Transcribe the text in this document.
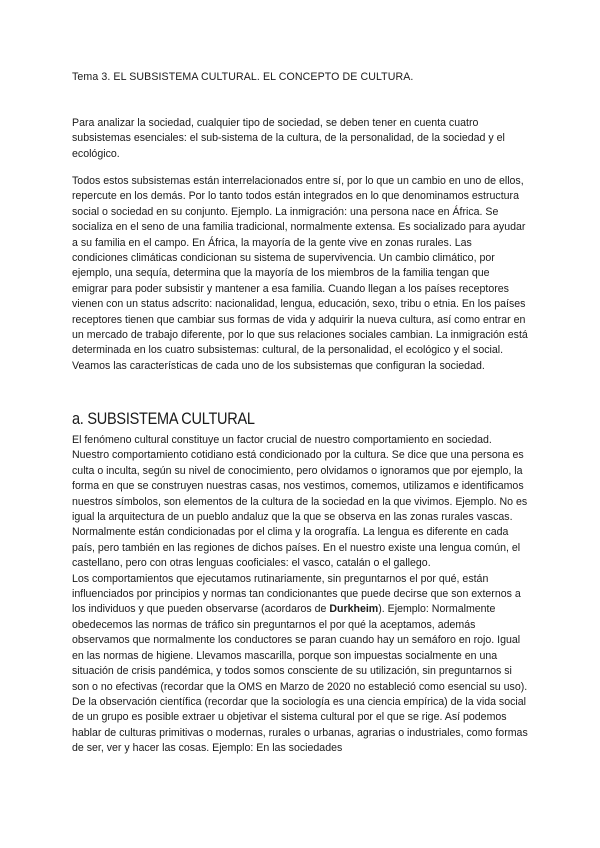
Tema 3. EL SUBSISTEMA CULTURAL. EL CONCEPTO DE CULTURA.

Para analizar la sociedad, cualquier tipo de sociedad, se deben tener en cuenta cuatro subsistemas esenciales: el sub-sistema de la cultura, de la personalidad, de la sociedad y el ecológico.

Todos estos subsistemas están interrelacionados entre sí, por lo que un cambio en uno de ellos, repercute en los demás. Por lo tanto todos están integrados en lo que denominamos estructura social o sociedad en su conjunto. Ejemplo. La inmigración: una persona nace en África. Se socializa en el seno de una familia tradicional, normalmente extensa. Es socializado para ayudar a su familia en el campo. En África, la mayoría de la gente vive en zonas rurales. Las condiciones climáticas condicionan su sistema de supervivencia. Un cambio climático, por ejemplo, una sequía, determina que la mayoría de los miembros de la familia tengan que emigrar para poder subsistir y mantener a esa familia. Cuando llegan a los países receptores vienen con un status adscrito: nacionalidad, lengua, educación, sexo, tribu o etnia. En los países receptores tienen que cambiar sus formas de vida y adquirir la nueva cultura, así como entrar en un mercado de trabajo diferente, por lo que sus relaciones sociales cambian. La inmigración está determinada en los cuatro subsistemas: cultural, de la personalidad, el ecológico y el social. Veamos las características de cada uno de los subsistemas que configuran la sociedad.

a. SUBSISTEMA CULTURAL
El fenómeno cultural constituye un factor crucial de nuestro comportamiento en sociedad. Nuestro comportamiento cotidiano está condicionado por la cultura. Se dice que una persona es culta o inculta, según su nivel de conocimiento, pero olvidamos o ignoramos que por ejemplo, la forma en que se construyen nuestras casas, nos vestimos, comemos, utilizamos e identificamos nuestros símbolos, son elementos de la cultura de la sociedad en la que vivimos. Ejemplo. No es igual la arquitectura de un pueblo andaluz que la que se observa en las zonas rurales vascas. Normalmente están condicionadas por el clima y la orografía. La lengua es diferente en cada país, pero también en las regiones de dichos países. En el nuestro existe una lengua común, el castellano, pero con otras lenguas cooficiales: el vasco, catalán o el gallego.
Los comportamientos que ejecutamos rutinariamente, sin preguntarnos el por qué, están influenciados por principios y normas tan condicionantes que puede decirse que son externos a los individuos y que pueden observarse (acordaros de Durkheim). Ejemplo: Normalmente obedecemos las normas de tráfico sin preguntarnos el por qué la aceptamos, además observamos que normalmente los conductores se paran cuando hay un semáforo en rojo. Igual en las normas de higiene. Llevamos mascarilla, porque son impuestas socialmente en una situación de crisis pandémica, y todos somos consciente de su utilización, sin preguntarnos si son o no efectivas (recordar que la OMS en Marzo de 2020 no estableció como esencial su uso).
De la observación científica (recordar que la sociología es una ciencia empírica) de la vida social de un grupo es posible extraer u objetivar el sistema cultural por el que se rige. Así podemos hablar de culturas primitivas o modernas, rurales o urbanas, agrarias o industriales, como formas de ser, ver y hacer las cosas. Ejemplo: En las sociedades
